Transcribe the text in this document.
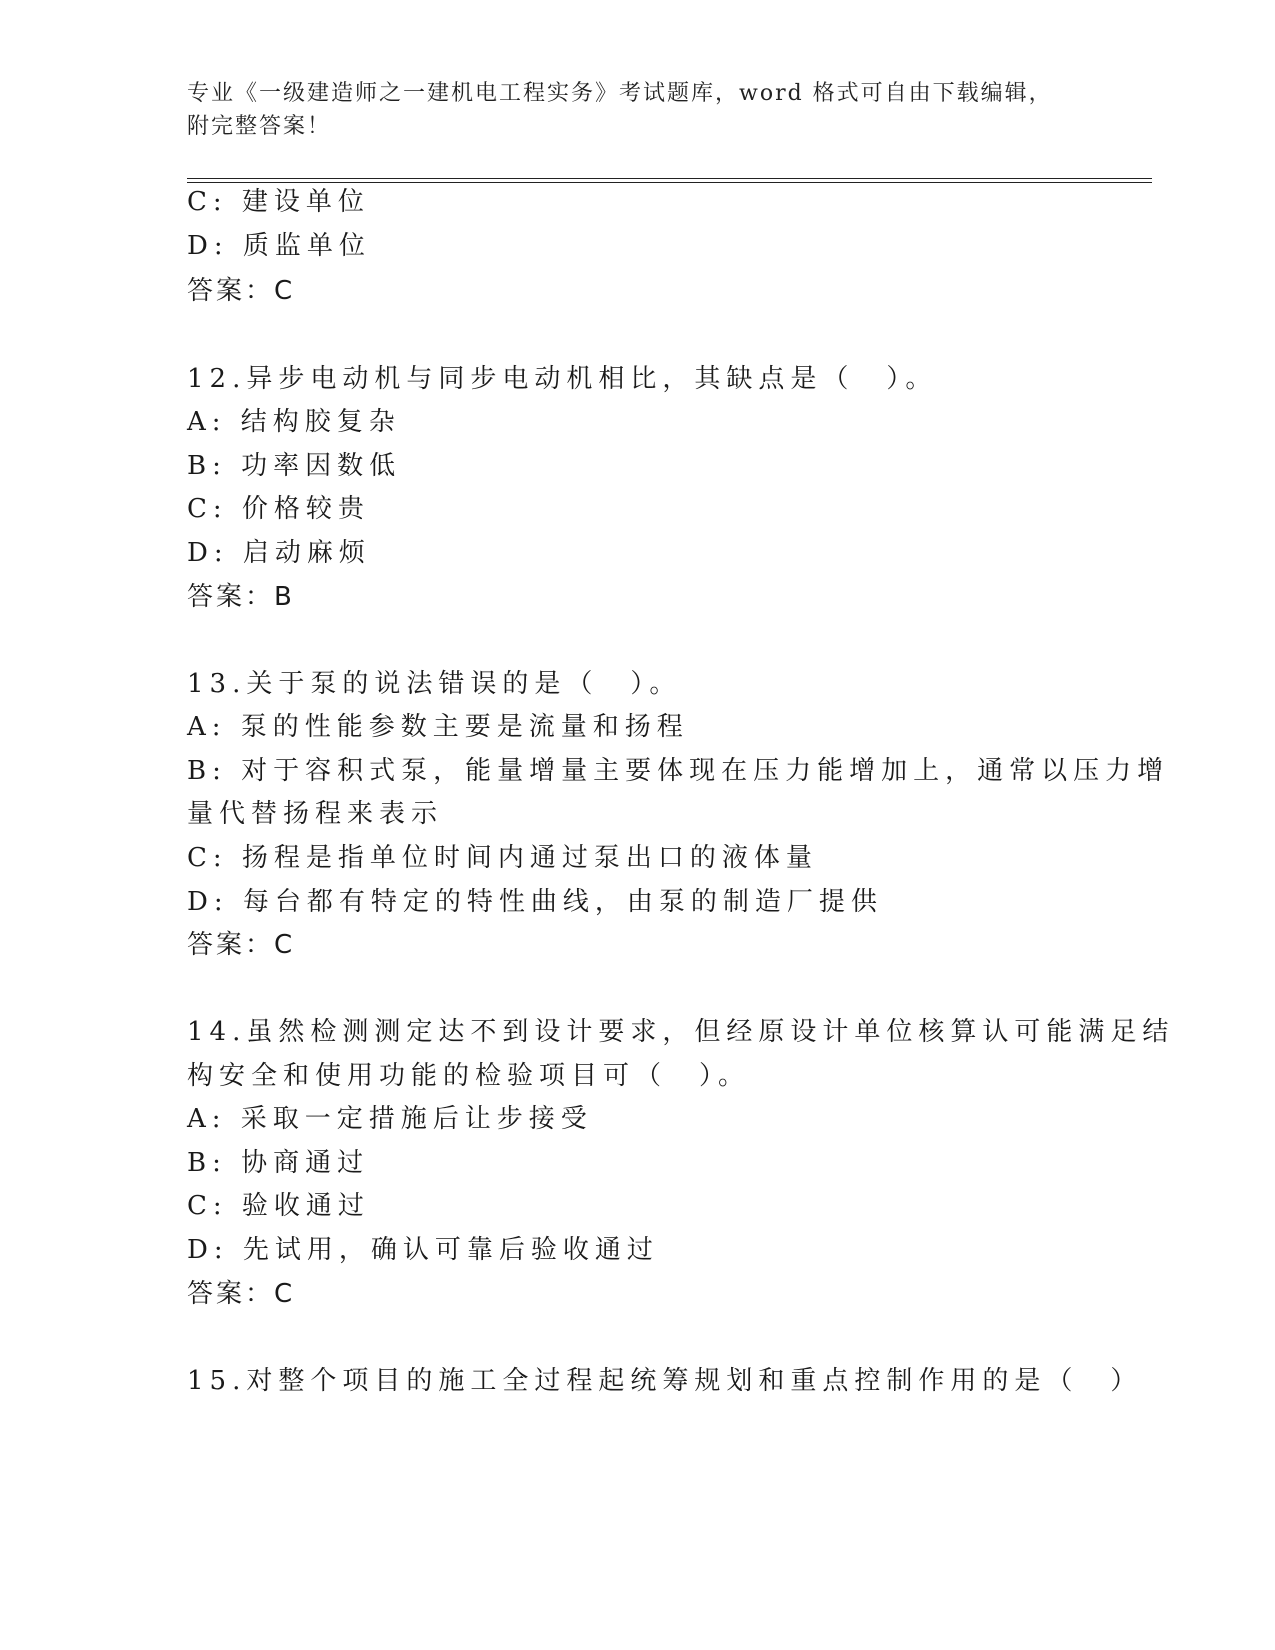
专业《一级建造师之一建机电工程实务》考试题库，word 格式可自由下载编辑，
附完整答案！
C: 建设单位
D: 质监单位
答案：C
12.异步电动机与同步电动机相比，其缺点是（　）。
A: 结构胶复杂
B: 功率因数低
C: 价格较贵
D: 启动麻烦
答案：B
13.关于泵的说法错误的是（　）。
A: 泵的性能参数主要是流量和扬程
B: 对于容积式泵，能量增量主要体现在压力能增加上，通常以压力增
量代替扬程来表示
C: 扬程是指单位时间内通过泵出口的液体量
D: 每台都有特定的特性曲线，由泵的制造厂提供
答案：C
14.虽然检测测定达不到设计要求，但经原设计单位核算认可能满足结
构安全和使用功能的检验项目可（　）。
A: 采取一定措施后让步接受
B: 协商通过
C: 验收通过
D: 先试用，确认可靠后验收通过
答案：C
15.对整个项目的施工全过程起统筹规划和重点控制作用的是（　）
